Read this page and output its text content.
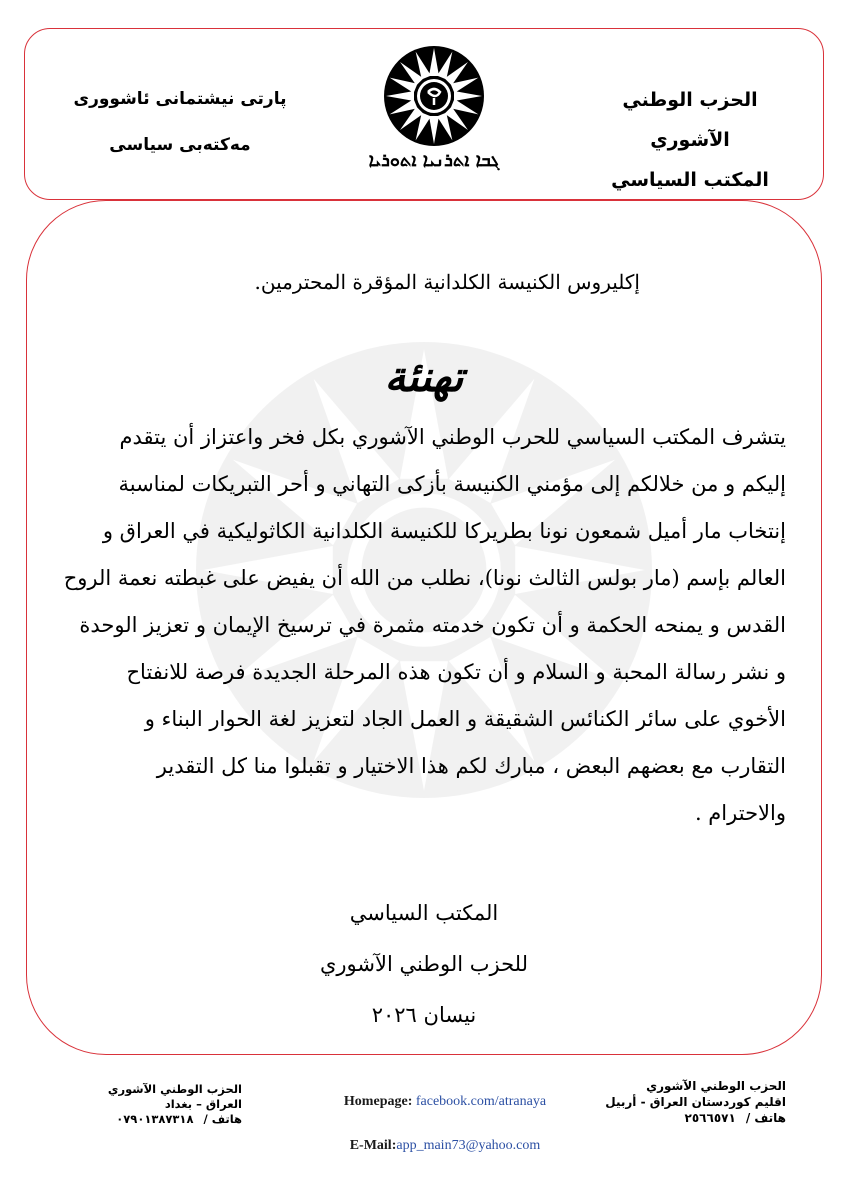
الحزب الوطني الآشوري
المكتب السياسي
ܓܒܐ ܐܬܪܢܝܐ ܐܬܘܪܝܐ
پارتی نیشتمانی ئاشووری
مەکتەبی سیاسی
إكليروس الكنيسة الكلدانية المؤقرة المحترمين.
تهنئة
يتشرف المكتب السياسي للحرب الوطني الآشوري بكل فخر واعتزاز أن يتقدم
إليكم و من خلالكم إلى مؤمني الكنيسة بأزكى التهاني و أحر التبريكات لمناسبة
إنتخاب مار أميل شمعون نونا بطريركا للكنيسة الكلدانية الكاثوليكية في العراق و
العالم بإسم (مار بولس الثالث نونا)، نطلب من الله أن يفيض على غبطته نعمة الروح
القدس و يمنحه الحكمة و أن تكون خدمته مثمرة في ترسيخ الإيمان و تعزيز الوحدة
و نشر رسالة المحبة و السلام و أن تكون هذه المرحلة الجديدة فرصة للانفتاح
الأخوي على سائر الكنائس الشقيقة و العمل الجاد لتعزيز لغة الحوار البناء و
التقارب مع بعضهم البعض ، مبارك لكم هذا الاختيار و تقبلوا منا كل التقدير
والاحترام .
المكتب السياسي
للحزب الوطني الآشوري
نيسان ٢٠٢٦
الحزب الوطني الآشوري
العراق – بغداد
هاتف /
٠٧٩٠١٣٨٧٣١٨
Homepage: facebook.com/atranaya
E-Mail:app_main73@yahoo.com
الحزب الوطني الآشوري
اقليم كوردستان العراق - أربيل
هاتف /
٢٥٦٦٥٧١
